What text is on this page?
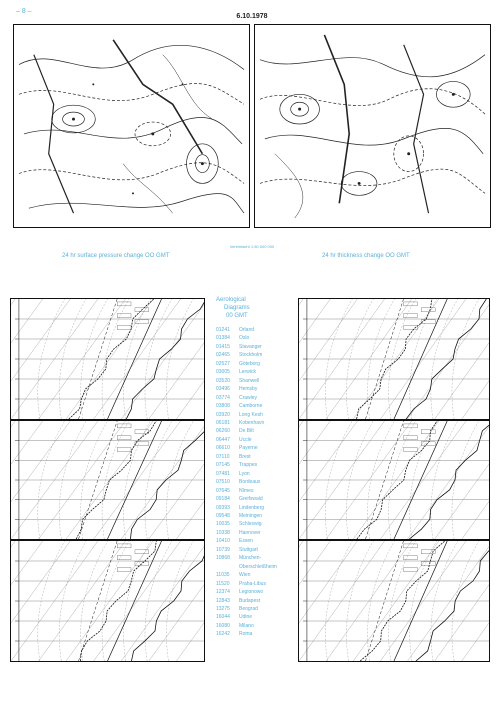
– 8 –
6.10.1978
Vereinfacht 1:50 000 000
24 hr surface pressure change OO GMT	24 hr thickness change OO GMT
Aerological
Diagrams
00 GMT
01241 Orland
01384 Oslo
01415 Stavanger
02465 Stockholm
02527 Göteborg
03005 Lerwick
03520 Shanwell
03496 Hemsby
03774 Crawley
03808 Camborne
03920 Long Kesh
06181 Kobenhavn
06260 De Bilt
06447 Uccle
06610 Payerne
07110 Brest
07145 Trappes
07481 Lyon
07510 Bordeaux
07645 Nîmes
09184 Greifswald
09393 Lindenberg
09548 Meiningen
10035 Schleswig
10338 Hannover
10410 Essen
10739 Stuttgart
10868 München-
Oberschleißheim
11035 Wien
11520 Praha-Libus
12374 Legionowo
12843 Budapest
13275 Beograd
16044 Udine
16080 Milano
16242 Roma
